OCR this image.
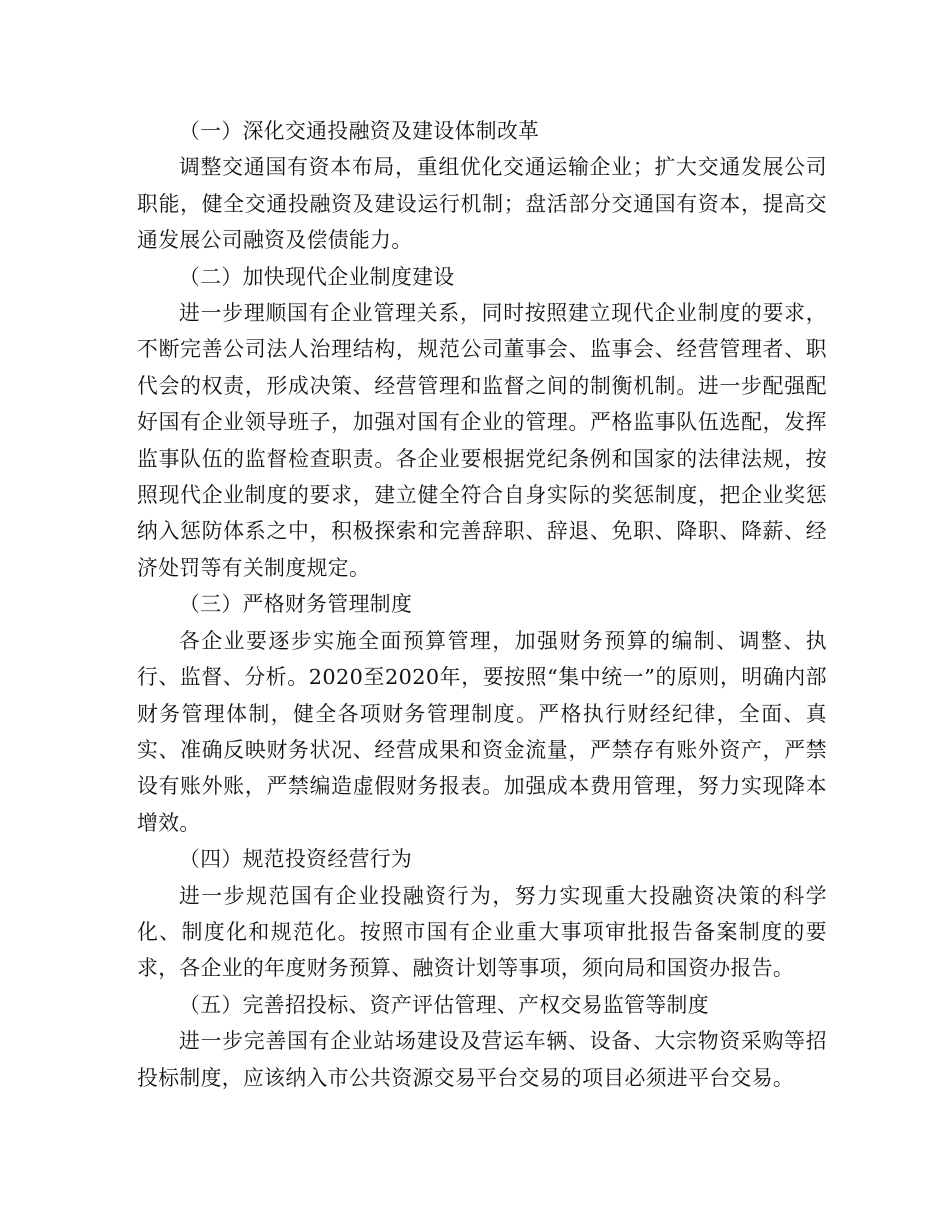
（一）深化交通投融资及建设体制改革

调整交通国有资本布局，重组优化交通运输企业；扩大交通发展公司职能，健全交通投融资及建设运行机制；盘活部分交通国有资本，提高交通发展公司融资及偿债能力。

（二）加快现代企业制度建设

进一步理顺国有企业管理关系，同时按照建立现代企业制度的要求，不断完善公司法人治理结构，规范公司董事会、监事会、经营管理者、职代会的权责，形成决策、经营管理和监督之间的制衡机制。进一步配强配好国有企业领导班子，加强对国有企业的管理。严格监事队伍选配，发挥监事队伍的监督检查职责。各企业要根据党纪条例和国家的法律法规，按照现代企业制度的要求，建立健全符合自身实际的奖惩制度，把企业奖惩纳入惩防体系之中，积极探索和完善辞职、辞退、免职、降职、降薪、经济处罚等有关制度规定。

（三）严格财务管理制度

各企业要逐步实施全面预算管理，加强财务预算的编制、调整、执行、监督、分析。2020至2020年，要按照“集中统一”的原则，明确内部财务管理体制，健全各项财务管理制度。严格执行财经纪律，全面、真实、准确反映财务状况、经营成果和资金流量，严禁存有账外资产，严禁设有账外账，严禁编造虚假财务报表。加强成本费用管理，努力实现降本增效。

（四）规范投资经营行为

进一步规范国有企业投融资行为，努力实现重大投融资决策的科学化、制度化和规范化。按照市国有企业重大事项审批报告备案制度的要求，各企业的年度财务预算、融资计划等事项，须向局和国资办报告。

（五）完善招投标、资产评估管理、产权交易监管等制度

进一步完善国有企业站场建设及营运车辆、设备、大宗物资采购等招投标制度，应该纳入市公共资源交易平台交易的项目必须进平台交易。
